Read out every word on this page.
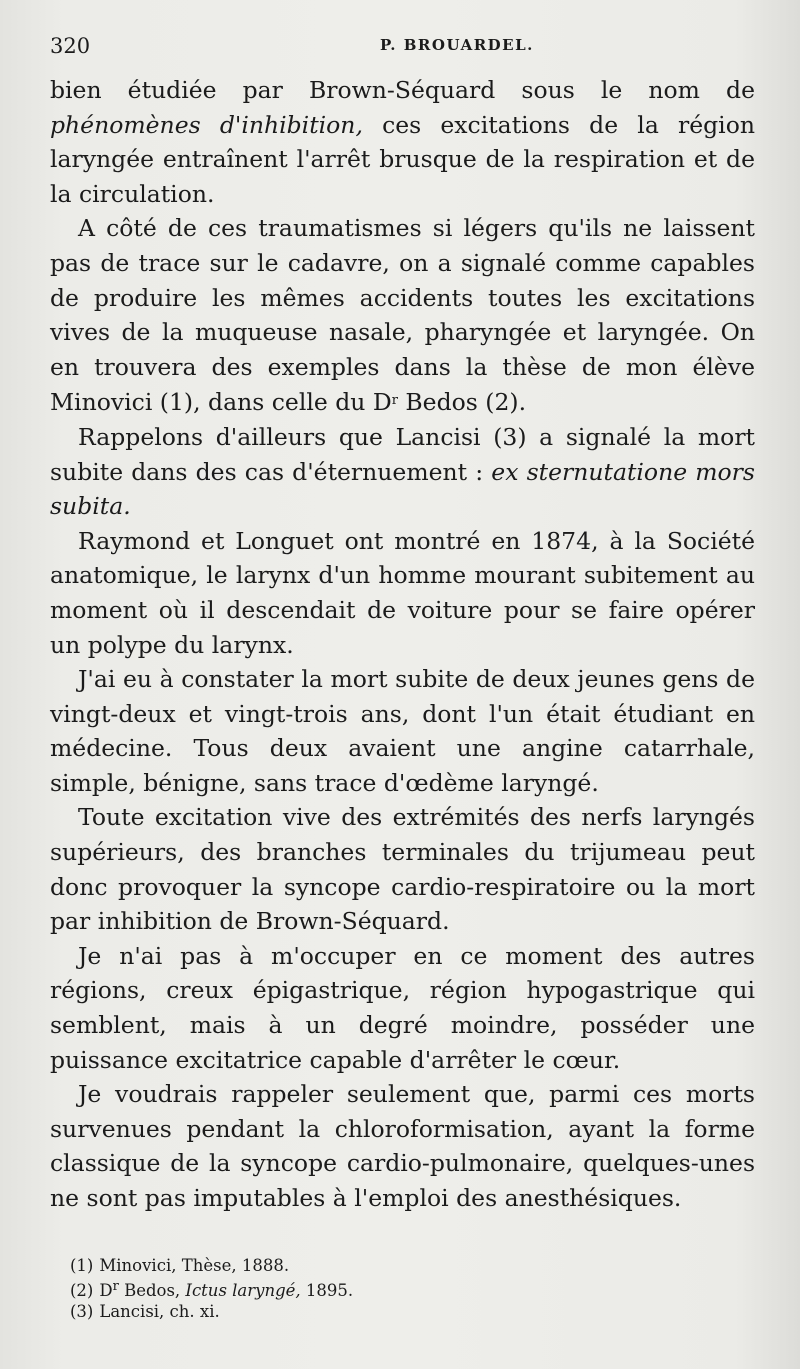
320	P. BROUARDEL.

bien étudiée par Brown-Séquard sous le nom de phénomènes d'inhibition, ces excitations de la région laryngée entraînent l'arrêt brusque de la respiration et de la circulation.

A côté de ces traumatismes si légers qu'ils ne laissent pas de trace sur le cadavre, on a signalé comme capables de produire les mêmes accidents toutes les excitations vives de la muqueuse nasale, pharyngée et laryngée. On en trouvera des exemples dans la thèse de mon élève Minovici (1), dans celle du $D^r$ Bedos (2).

Rappelons d'ailleurs que Lancisi (3) a signalé la mort subite dans des cas d'éternuement : ex sternutatione mors subita.

Raymond et Longuet ont montré en 1874, à la Société anatomique, le larynx d'un homme mourant subitement au moment où il descendait de voiture pour se faire opérer un polype du larynx.

J'ai eu à constater la mort subite de deux jeunes gens de vingt-deux et vingt-trois ans, dont l'un était étudiant en médecine. Tous deux avaient une angine catarrhale, simple, bénigne, sans trace d'œdème laryngé.

Toute excitation vive des extrémités des nerfs laryngés supérieurs, des branches terminales du trijumeau peut donc provoquer la syncope cardio-respiratoire ou la mort par inhibition de Brown-Séquard.

Je n'ai pas à m'occuper en ce moment des autres régions, creux épigastrique, région hypogastrique qui semblent, mais à un degré moindre, posséder une puissance excitatrice capable d'arrêter le cœur.

Je voudrais rappeler seulement que, parmi ces morts survenues pendant la chloroformisation, ayant la forme classique de la syncope cardio-pulmonaire, quelques-unes ne sont pas imputables à l'emploi des anesthésiques.

(1) Minovici, Thèse, 1888.
(2) $D^r$ Bedos, Ictus laryngé, 1895.
(3) Lancisi, ch. xi.
